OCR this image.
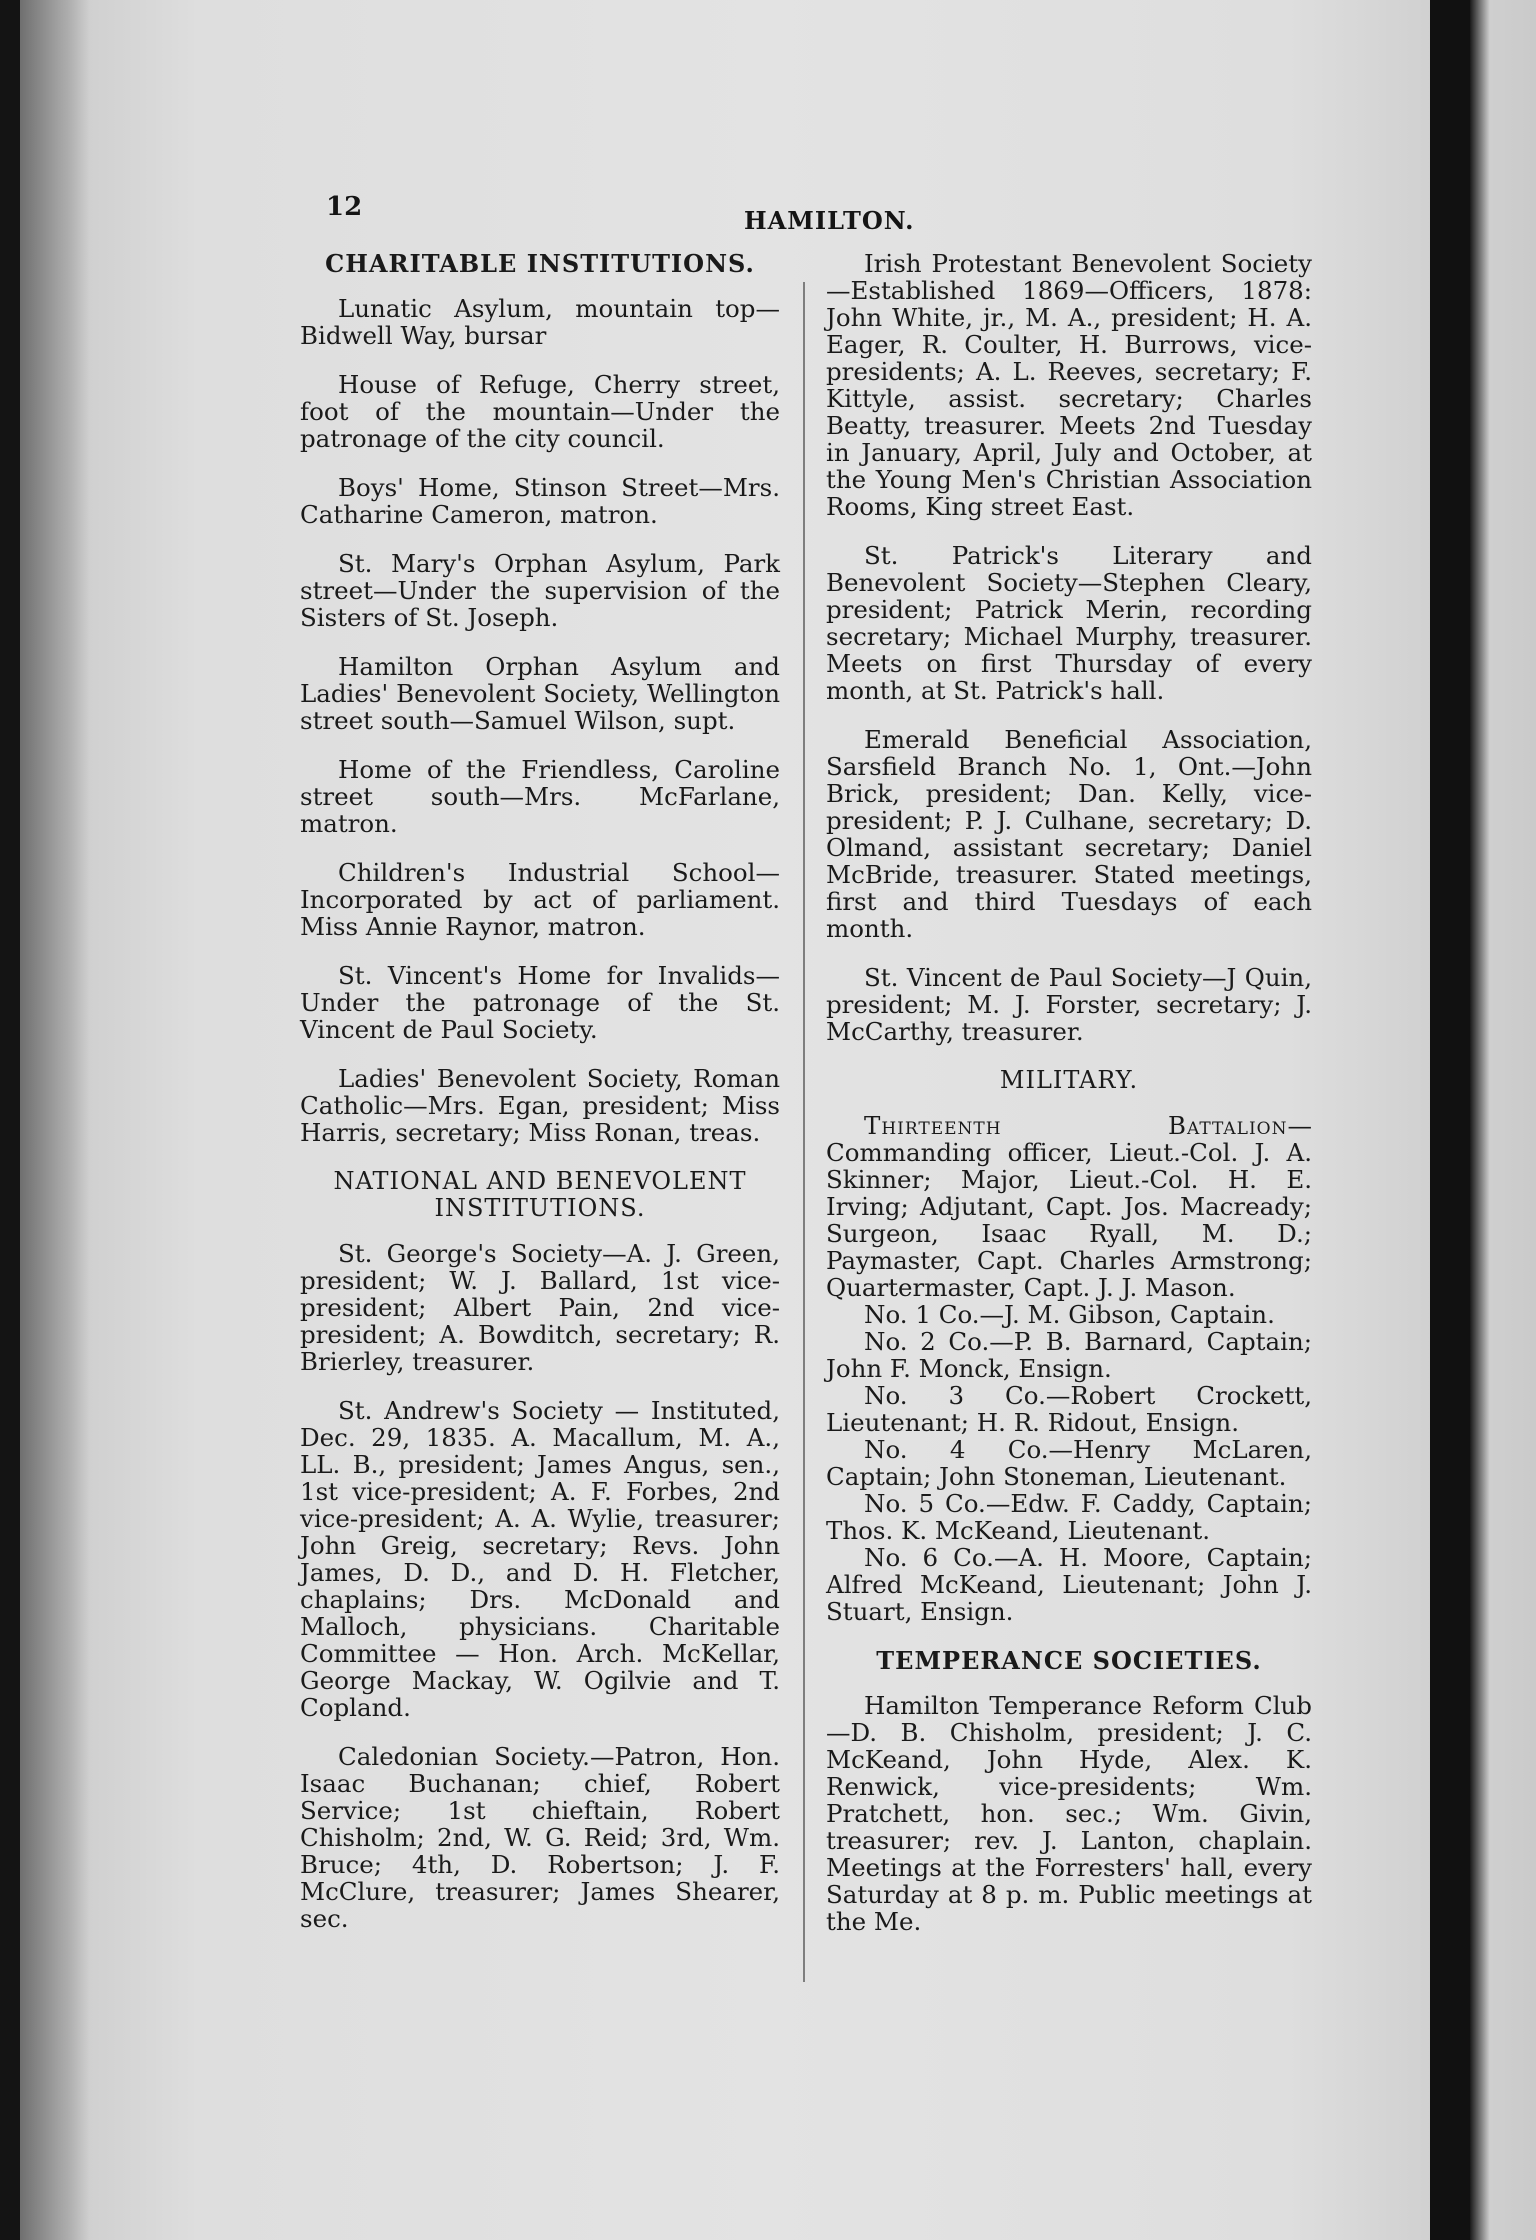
12	HAMILTON.
CHARITABLE INSTITUTIONS.

Lunatic Asylum, mountain top—Bidwell Way, bursar

House of Refuge, Cherry street, foot of the mountain—Under the patronage of the city council.

Boys' Home, Stinson Street—Mrs. Catharine Cameron, matron.

St. Mary's Orphan Asylum, Park street—Under the supervision of the Sisters of St. Joseph.

Hamilton Orphan Asylum and Ladies' Benevolent Society, Wellington street south—Samuel Wilson, supt.

Home of the Friendless, Caroline street south—Mrs. McFarlane, matron.

Children's Industrial School—Incorporated by act of parliament. Miss Annie Raynor, matron.

St. Vincent's Home for Invalids—Under the patronage of the St. Vincent de Paul Society.

Ladies' Benevolent Society, Roman Catholic—Mrs. Egan, president; Miss Harris, secretary; Miss Ronan, treas.

NATIONAL AND BENEVOLENT INSTITUTIONS.

St. George's Society—A. J. Green, president; W. J. Ballard, 1st vice-president; Albert Pain, 2nd vice-president; A. Bowditch, secretary; R. Brierley, treasurer.

St. Andrew's Society — Instituted, Dec. 29, 1835. A. Macallum, M. A., LL. B., president; James Angus, sen., 1st vice-president; A. F. Forbes, 2nd vice-president; A. A. Wylie, treasurer; John Greig, secretary; Revs. John James, D. D., and D. H. Fletcher, chaplains; Drs. McDonald and Malloch, physicians. Charitable Committee — Hon. Arch. McKellar, George Mackay, W. Ogilvie and T. Copland.

Caledonian Society.—Patron, Hon. Isaac Buchanan; chief, Robert Service; 1st chieftain, Robert Chisholm; 2nd, W. G. Reid; 3rd, Wm. Bruce; 4th, D. Robertson; J. F. McClure, treasurer; James Shearer, sec.

Irish Protestant Benevolent Society—Established 1869—Officers, 1878: John White, jr., M. A., president; H. A. Eager, R. Coulter, H. Burrows, vice-presidents; A. L. Reeves, secretary; F. Kittyle, assist. secretary; Charles Beatty, treasurer. Meets 2nd Tuesday in January, April, July and October, at the Young Men's Christian Association Rooms, King street East.

St. Patrick's Literary and Benevolent Society—Stephen Cleary, president; Patrick Merin, recording secretary; Michael Murphy, treasurer. Meets on first Thursday of every month, at St. Patrick's hall.

Emerald Beneficial Association, Sarsfield Branch No. 1, Ont.—John Brick, president; Dan. Kelly, vice-president; P. J. Culhane, secretary; D. Olmand, assistant secretary; Daniel McBride, treasurer. Stated meetings, first and third Tuesdays of each month.

St. Vincent de Paul Society—J Quin, president; M. J. Forster, secretary; J. McCarthy, treasurer.

MILITARY.

Thirteenth Battalion—Commanding officer, Lieut.-Col. J. A. Skinner; Major, Lieut.-Col. H. E. Irving; Adjutant, Capt. Jos. Macready; Surgeon, Isaac Ryall, M. D.; Paymaster, Capt. Charles Armstrong; Quartermaster, Capt. J. J. Mason.

No. 1 Co.—J. M. Gibson, Captain.

No. 2 Co.—P. B. Barnard, Captain; John F. Monck, Ensign.

No. 3 Co.—Robert Crockett, Lieutenant; H. R. Ridout, Ensign.

No. 4 Co.—Henry McLaren, Captain; John Stoneman, Lieutenant.

No. 5 Co.—Edw. F. Caddy, Captain; Thos. K. McKeand, Lieutenant.

No. 6 Co.—A. H. Moore, Captain; Alfred McKeand, Lieutenant; John J. Stuart, Ensign.

TEMPERANCE SOCIETIES.

Hamilton Temperance Reform Club—D. B. Chisholm, president; J. C. McKeand, John Hyde, Alex. K. Renwick, vice-presidents; Wm. Pratchett, hon. sec.; Wm. Givin, treasurer; rev. J. Lanton, chaplain. Meetings at the Forresters' hall, every Saturday at 8 p. m. Public meetings at the Me.
